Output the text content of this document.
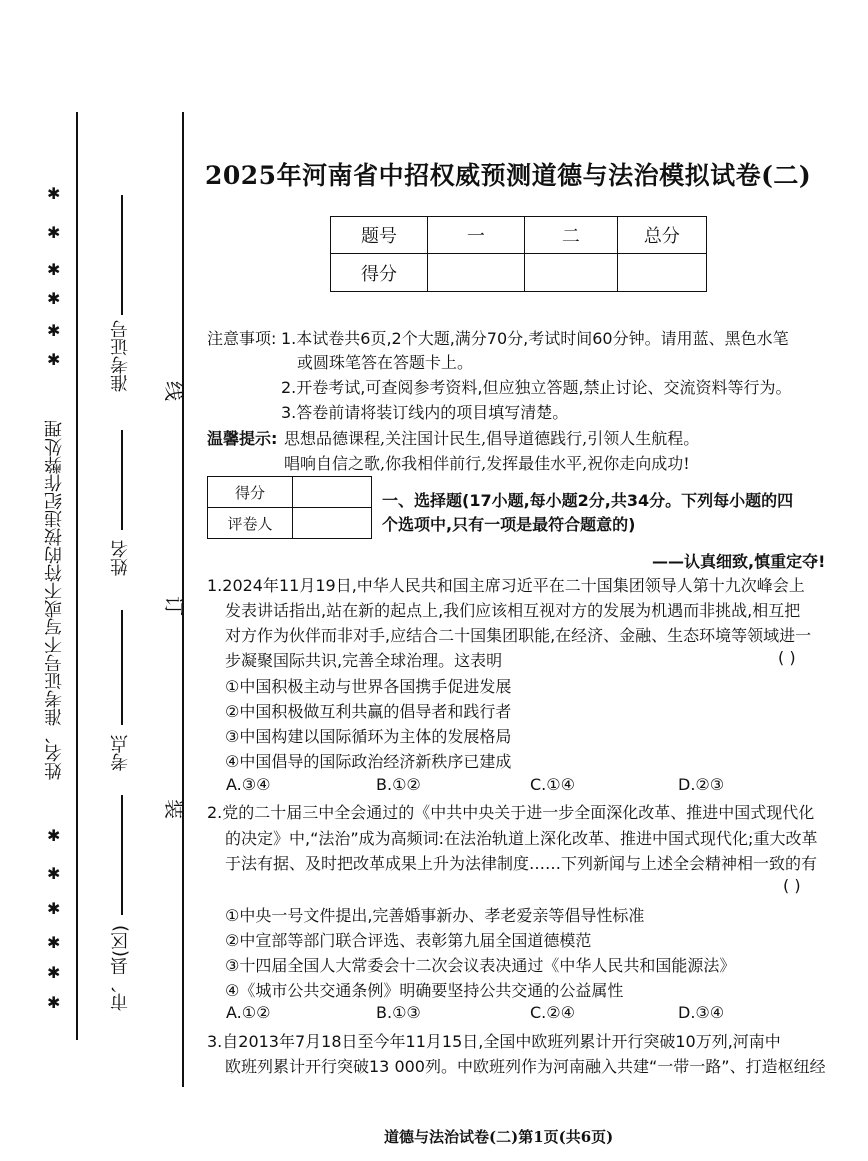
✱
✱
✱
✱
✱
✱
姓名、准考证号不写或不符的按违纪作弊处理
✱
✱
✱
✱
✱
✱
准考证号
姓名
考点
市、县(区)
线
订
装
2025年河南省中招权威预测道德与法治模拟试卷(二)
题号	一	二	总分
得分			
注意事项: 1.本试卷共6页,2个大题,满分70分,考试时间60分钟。请用蓝、黑色水笔
或圆珠笔答在答题卡上。
2.开卷考试,可查阅参考资料,但应独立答题,禁止讨论、交流资料等行为。
3.答卷前请将装订线内的项目填写清楚。
温馨提示: 思想品德课程,关注国计民生,倡导道德践行,引领人生航程。
唱响自信之歌,你我相伴前行,发挥最佳水平,祝你走向成功!
得分	
评卷人	
一、选择题(17小题,每小题2分,共34分。下列每小题的四
个选项中,只有一项是最符合题意的)
——认真细致,慎重定夺!
1.2024年11月19日,中华人民共和国主席习近平在二十国集团领导人第十九次峰会上
发表讲话指出,站在新的起点上,我们应该相互视对方的发展为机遇而非挑战,相互把
对方作为伙伴而非对手,应结合二十国集团职能,在经济、金融、生态环境等领域进一
步凝聚国际共识,完善全球治理。这表明	( )
①中国积极主动与世界各国携手促进发展
②中国积极做互利共赢的倡导者和践行者
③中国构建以国际循环为主体的发展格局
④中国倡导的国际政治经济新秩序已建成
A.③④	B.①②	C.①④	D.②③
2.党的二十届三中全会通过的《中共中央关于进一步全面深化改革、推进中国式现代化
的决定》中,“法治”成为高频词:在法治轨道上深化改革、推进中国式现代化;重大改革
于法有据、及时把改革成果上升为法律制度……下列新闻与上述全会精神相一致的有
( )
①中央一号文件提出,完善婚事新办、孝老爱亲等倡导性标准
②中宣部等部门联合评选、表彰第九届全国道德模范
③十四届全国人大常委会十二次会议表决通过《中华人民共和国能源法》
④《城市公共交通条例》明确要坚持公共交通的公益属性
A.①②	B.①③	C.②④	D.③④
3.自2013年7月18日至今年11月15日,全国中欧班列累计开行突破10万列,河南中
欧班列累计开行突破13 000列。中欧班列作为河南融入共建“一带一路”、打造枢纽经
道德与法治试卷(二)第1页(共6页)
